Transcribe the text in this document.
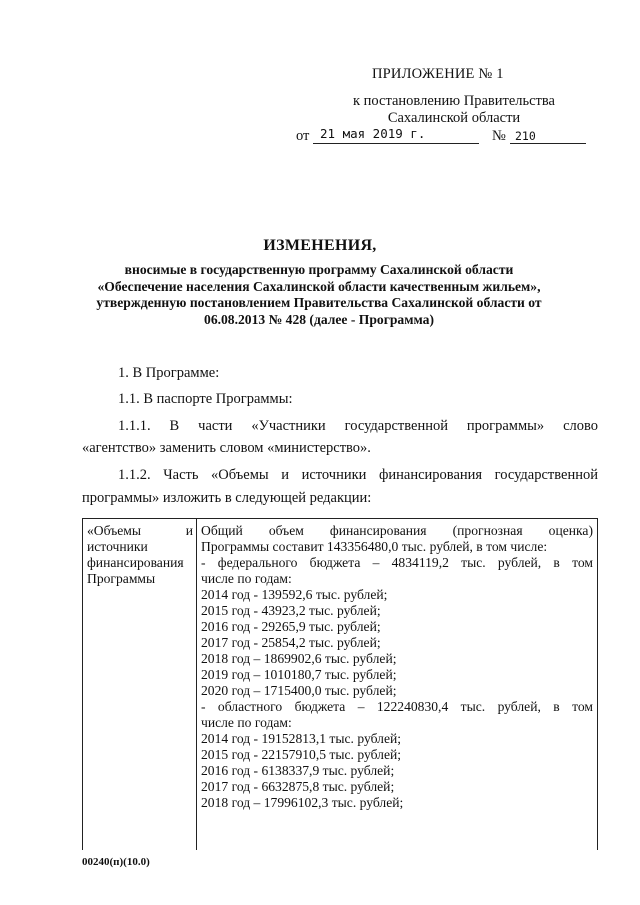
ПРИЛОЖЕНИЕ № 1
к постановлению Правительства
Сахалинской области
от 21 мая 2019 г.	№ 210
ИЗМЕНЕНИЯ,
вносимые в государственную программу Сахалинской области
«Обеспечение населения Сахалинской области качественным жильем»,
утвержденную постановлением Правительства Сахалинской области от
06.08.2013 № 428 (далее - Программа)
1. В Программе:
1.1. В паспорте Программы:
1.1.1. В части «Участники государственной программы» слово
«агентство» заменить словом «министерство».
1.1.2. Часть «Объемы и источники финансирования государственной
программы» изложить в следующей редакции:
«Объемы	и
источники
финансирования
Программы
Общий объем финансирования (прогнозная оценка)
Программы составит 143356480,0 тыс. рублей, в том числе:
- федерального бюджета – 4834119,2 тыс. рублей, в том
числе по годам:
2014 год - 139592,6 тыс. рублей;
2015 год - 43923,2 тыс. рублей;
2016 год - 29265,9 тыс. рублей;
2017 год - 25854,2 тыс. рублей;
2018 год – 1869902,6 тыс. рублей;
2019 год – 1010180,7 тыс. рублей;
2020 год – 1715400,0 тыс. рублей;
- областного бюджета – 122240830,4 тыс. рублей, в том
числе по годам:
2014 год - 19152813,1 тыс. рублей;
2015 год - 22157910,5 тыс. рублей;
2016 год - 6138337,9 тыс. рублей;
2017 год - 6632875,8 тыс. рублей;
2018 год – 17996102,3 тыс. рублей;
00240(п)(10.0)
